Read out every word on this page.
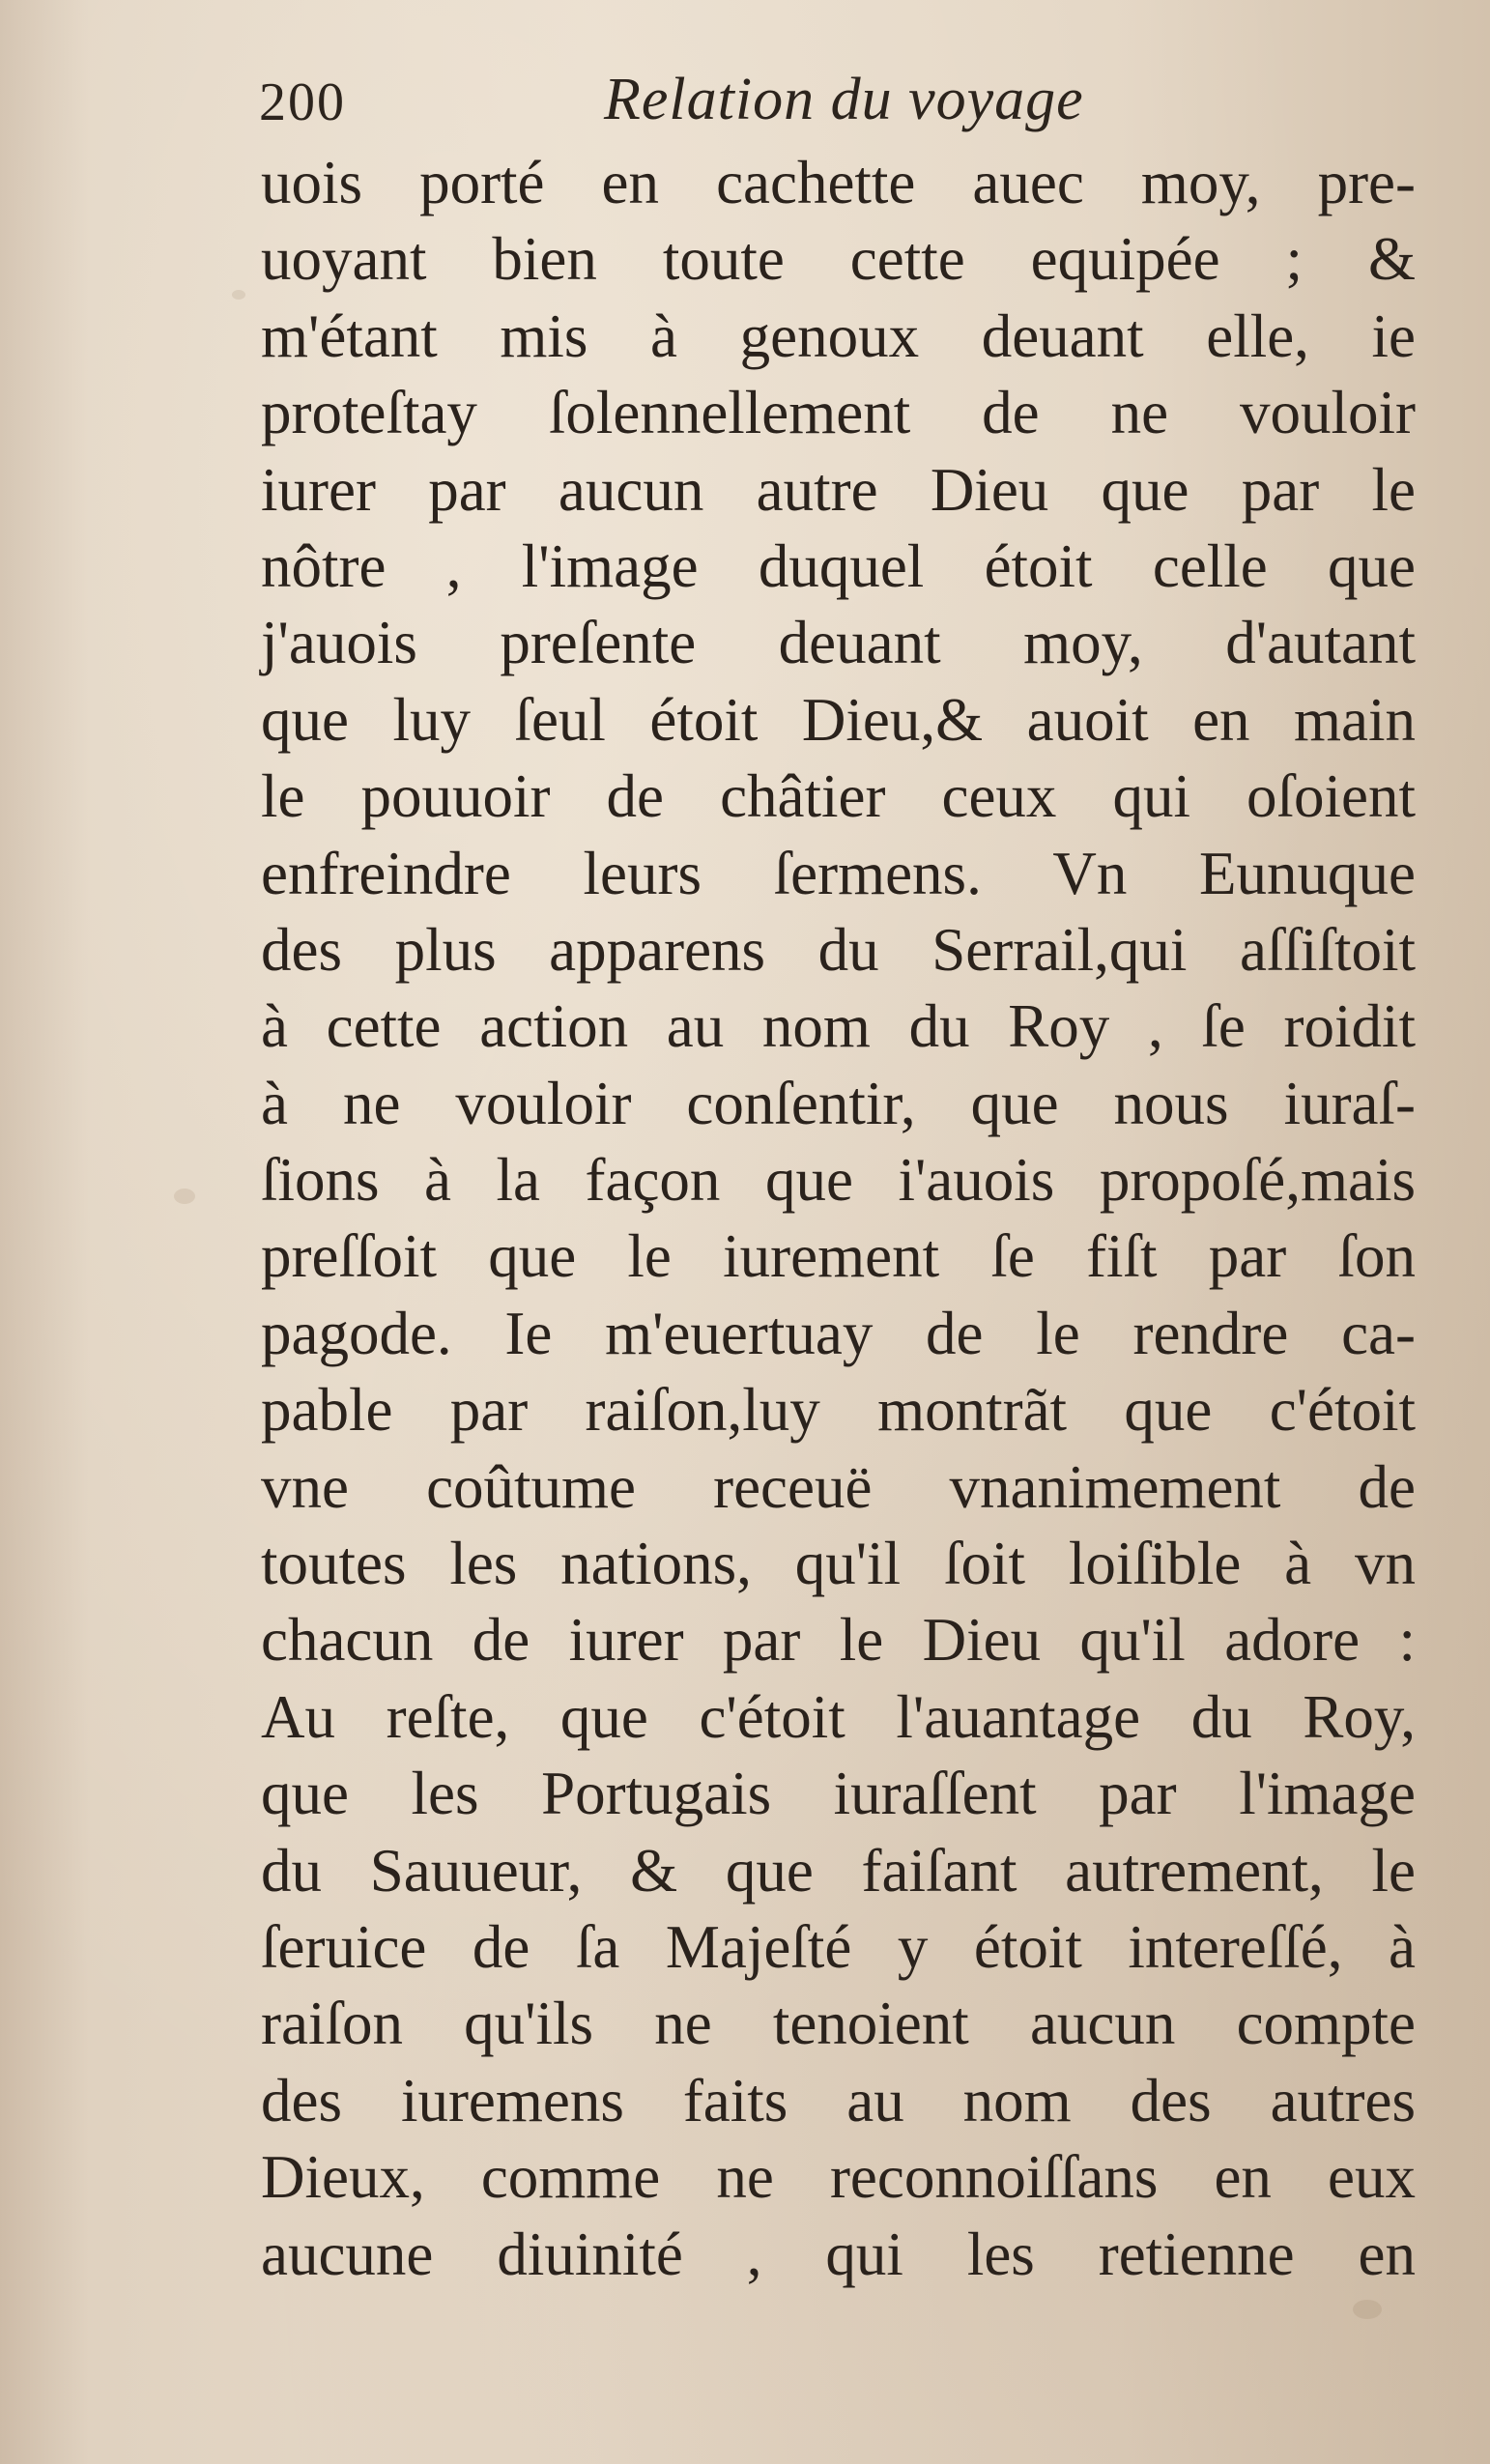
200	Relation du voyage
uois porté en cachette auec moy, pre-
uoyant bien toute cette equipée ; &
m'étant mis à genoux deuant elle, ie
proteſtay ſolennellement de ne vouloir
iurer par aucun autre Dieu que par le
nôtre , l'image duquel étoit celle que
j'auois preſente deuant moy, d'autant
que luy ſeul étoit Dieu,& auoit en main
le pouuoir de châtier ceux qui oſoient
enfreindre leurs ſermens. Vn Eunuque
des plus apparens du Serrail,qui aſſiſtoit
à cette action au nom du Roy , ſe roidit
à ne vouloir conſentir, que nous iuraſ-
ſions à la façon que i'auois propoſé,mais
preſſoit que le iurement ſe fiſt par ſon
pagode. Ie m'euertuay de le rendre ca-
pable par raiſon,luy montrãt que c'étoit
vne coûtume receuë vnanimement de
toutes les nations, qu'il ſoit loiſible à vn
chacun de iurer par le Dieu qu'il adore :
Au reſte, que c'étoit l'auantage du Roy,
que les Portugais iuraſſent par l'image
du Sauueur, & que faiſant autrement, le
ſeruice de ſa Majeſté y étoit intereſſé, à
raiſon qu'ils ne tenoient aucun compte
des iuremens faits au nom des autres
Dieux, comme ne reconnoiſſans en eux
aucune diuinité , qui les retienne en
